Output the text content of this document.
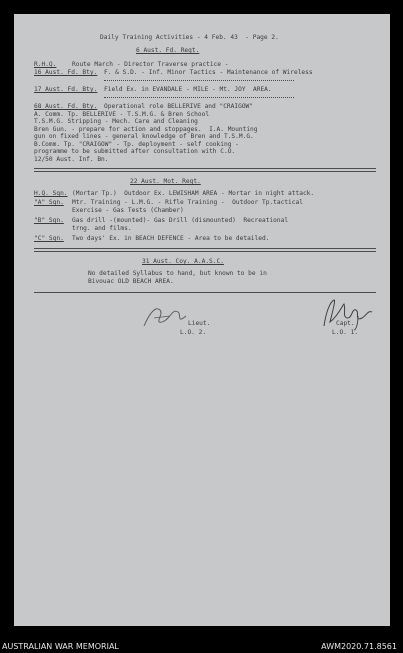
Daily Training Activities - 4 Feb. 43  - Page 2.
6 Aust. Fd. Regt.
R.H.Q.	Route March - Director Traverse practice -
16 Aust. Fd. Bty. F. & S.D. - Inf. Minor Tactics - Maintenance of Wireless
17 Aust. Fd. Bty. Field Ex. in EVANDALE - MILE - Mt. JOY  AREA.
68 Aust. Fd. Bty. Operational role BELLERIVE and "CRAIGOW"
A. Comm. Tp. BELLERIVE - T.S.M.G. & Bren School
T.S.M.G. Stripping - Mech. Care and Cleaning
Bren Gun. - prepare for action and stoppages.  I.A. Mounting
gun on fixed lines - general knowledge of Bren and T.S.M.G.
B.Comm. Tp. "CRAIGOW" - Tp. deployment - self cooking -
programme to be submitted after consultation with C.O.
12/50 Aust. Inf. Bn.
22 Aust. Mot. Regt.
H.Q. Sqn. (Mortar Tp.)  Outdoor Ex. LEWISHAM AREA - Mortar in night attack.
"A" Sqn. Mtr. Training - L.M.G. - Rifle Training -  Outdoor Tp.tactical
Exercise - Gas Tests (Chamber)
"B" Sqn. Gas drill -(mounted)- Gas Drill (dismounted)  Recreational
trng. and films.
"C" Sqn. Two days' Ex. in BEACH DEFENCE - Area to be detailed.
31 Aust. Coy. A.A.S.C.
No detailed Syllabus to hand, but known to be in
Bivouac OLD BEACH AREA.
Lieut.
L.O. 2.
Capt.
L.O. 1.
AUSTRALIAN WAR MEMORIAL	AWM2020.71.8561
